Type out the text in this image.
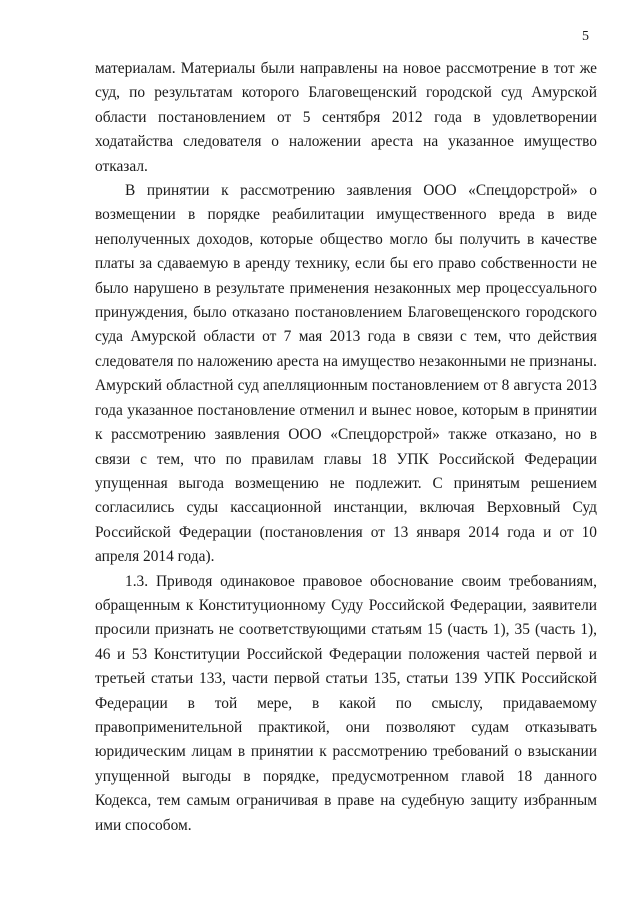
5

материалам. Материалы были направлены на новое рассмотрение в тот же суд, по результатам которого Благовещенский городской суд Амурской области постановлением от 5 сентября 2012 года в удовлетворении ходатайства следователя о наложении ареста на указанное имущество отказал.

В принятии к рассмотрению заявления ООО «Спецдорстрой» о возмещении в порядке реабилитации имущественного вреда в виде неполученных доходов, которые общество могло бы получить в качестве платы за сдаваемую в аренду технику, если бы его право собственности не было нарушено в результате применения незаконных мер процессуального принуждения, было отказано постановлением Благовещенского городского суда Амурской области от 7 мая 2013 года в связи с тем, что действия следователя по наложению ареста на имущество незаконными не признаны. Амурский областной суд апелляционным постановлением от 8 августа 2013 года указанное постановление отменил и вынес новое, которым в принятии к рассмотрению заявления ООО «Спецдорстрой» также отказано, но в связи с тем, что по правилам главы 18 УПК Российской Федерации упущенная выгода возмещению не подлежит. С принятым решением согласились суды кассационной инстанции, включая Верховный Суд Российской Федерации (постановления от 13 января 2014 года и от 10 апреля 2014 года).

1.3. Приводя одинаковое правовое обоснование своим требованиям, обращенным к Конституционному Суду Российской Федерации, заявители просили признать не соответствующими статьям 15 (часть 1), 35 (часть 1), 46 и 53 Конституции Российской Федерации положения частей первой и третьей статьи 133, части первой статьи 135, статьи 139 УПК Российской Федерации в той мере, в какой по смыслу, придаваемому правоприменительной практикой, они позволяют судам отказывать юридическим лицам в принятии к рассмотрению требований о взыскании упущенной выгоды в порядке, предусмотренном главой 18 данного Кодекса, тем самым ограничивая в праве на судебную защиту избранным ими способом.
